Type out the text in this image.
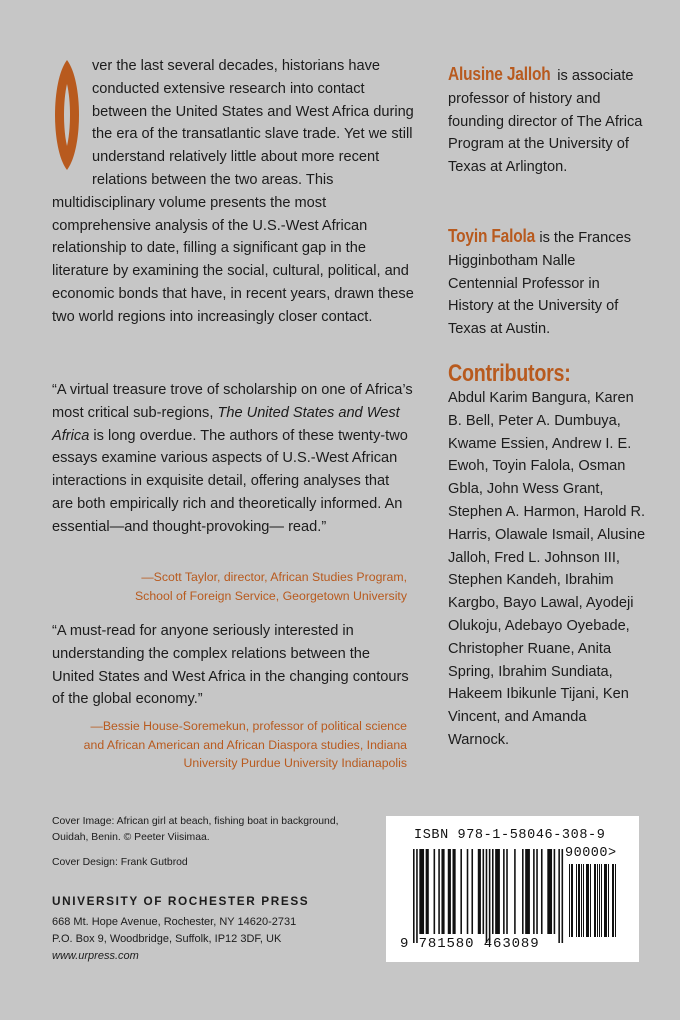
ver the last several decades, historians have conducted extensive research into contact between the United States and West Africa during the era of the transatlantic slave trade. Yet we still understand relatively little about more recent relations between the two areas. This multidisciplinary volume presents the most comprehensive analysis of the U.S.-West African relationship to date, filling a significant gap in the literature by examining the social, cultural, political, and economic bonds that have, in recent years, drawn these two world regions into increasingly closer contact.
“A virtual treasure trove of scholarship on one of Africa’s most critical sub-regions, The United States and West Africa is long overdue. The authors of these twenty-two essays examine various aspects of U.S.-West African interactions in exquisite detail, offering analyses that are both empirically rich and theoretically informed. An essential—and thought-provoking— read.”
—Scott Taylor, director, African Studies Program,
School of Foreign Service, Georgetown University
“A must-read for anyone seriously interested in understanding the complex relations between the United States and West Africa in the changing contours of the global economy.”
—Bessie House-Soremekun, professor of political science
and African American and African Diaspora studies, Indiana
University Purdue University Indianapolis
Alusine Jalloh is associate professor of history and founding director of The Africa Program at the University of Texas at Arlington.
Toyin Falola is the Frances Higginbotham Nalle Centennial Professor in History at the University of Texas at Austin.
Contributors:
Abdul Karim Bangura, Karen B. Bell, Peter A. Dumbuya, Kwame Essien, Andrew I. E. Ewoh, Toyin Falola, Osman Gbla, John Wess Grant, Stephen A. Harmon, Harold R. Harris, Olawale Ismail, Alusine Jalloh, Fred L. Johnson III, Stephen Kandeh, Ibrahim Kargbo, Bayo Lawal, Ayodeji Olukoju, Adebayo Oyebade, Christopher Ruane, Anita Spring, Ibrahim Sundiata, Hakeem Ibikunle Tijani, Ken Vincent, and Amanda Warnock.
Cover Image: African girl at beach, fishing boat in background, Ouidah, Benin. © Peeter Viisimaa.
Cover Design: Frank Gutbrod
UNIVERSITY OF ROCHESTER PRESS
668 Mt. Hope Avenue, Rochester, NY 14620-2731
P.O. Box 9, Woodbridge, Suffolk, IP12 3DF, UK
www.urpress.com
ISBN 978-1-58046-308-9
90000>
9 781580 463089
